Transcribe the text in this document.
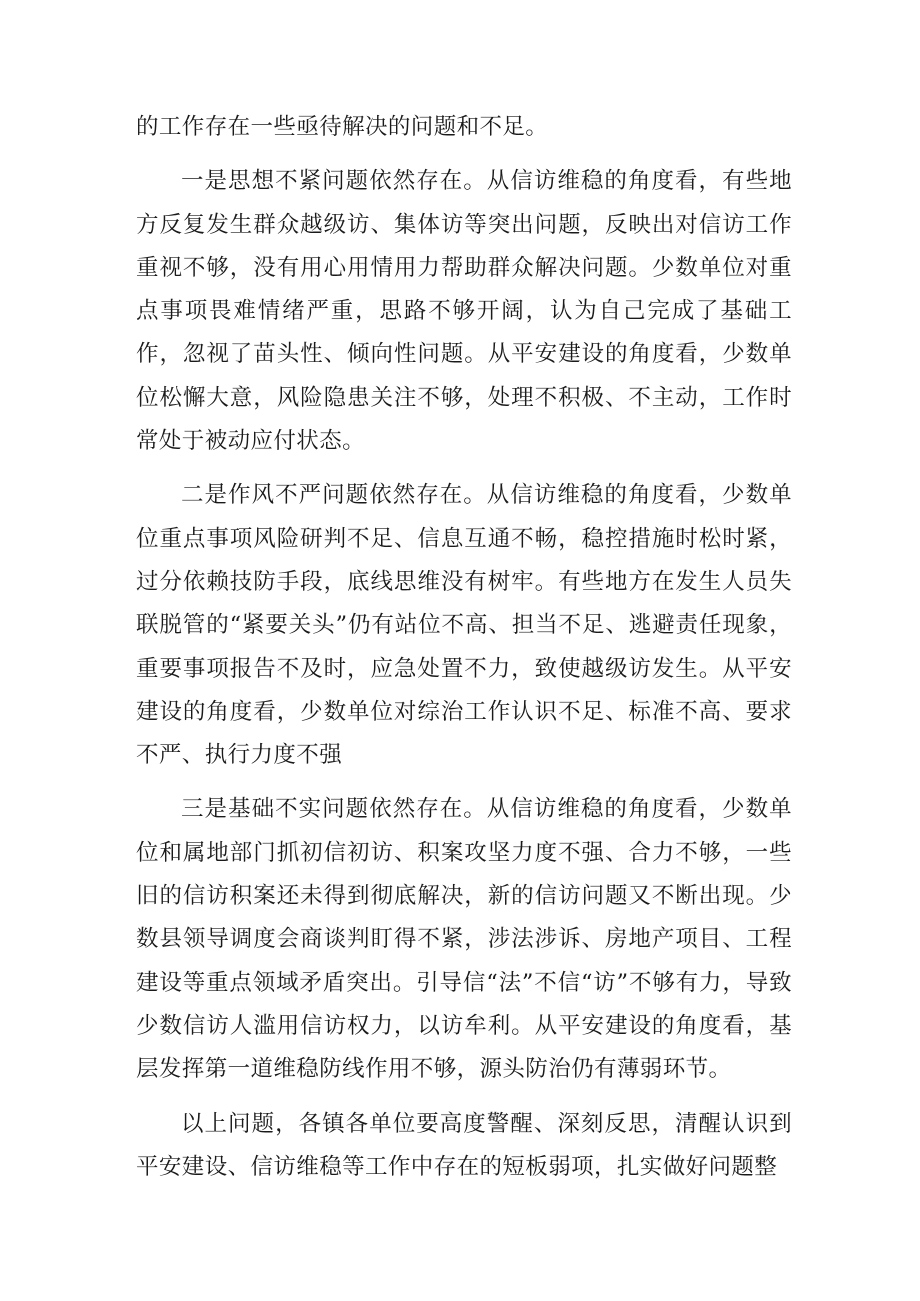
的工作存在一些亟待解决的问题和不足。

一是思想不紧问题依然存在。从信访维稳的角度看，有些地方反复发生群众越级访、集体访等突出问题，反映出对信访工作重视不够，没有用心用情用力帮助群众解决问题。少数单位对重点事项畏难情绪严重，思路不够开阔，认为自己完成了基础工作，忽视了苗头性、倾向性问题。从平安建设的角度看，少数单位松懈大意，风险隐患关注不够，处理不积极、不主动，工作时常处于被动应付状态。

二是作风不严问题依然存在。从信访维稳的角度看，少数单位重点事项风险研判不足、信息互通不畅，稳控措施时松时紧，过分依赖技防手段，底线思维没有树牢。有些地方在发生人员失联脱管的“紧要关头”仍有站位不高、担当不足、逃避责任现象，重要事项报告不及时，应急处置不力，致使越级访发生。从平安建设的角度看，少数单位对综治工作认识不足、标准不高、要求不严、执行力度不强

三是基础不实问题依然存在。从信访维稳的角度看，少数单位和属地部门抓初信初访、积案攻坚力度不强、合力不够，一些旧的信访积案还未得到彻底解决，新的信访问题又不断出现。少数县领导调度会商谈判盯得不紧，涉法涉诉、房地产项目、工程建设等重点领域矛盾突出。引导信“法”不信“访”不够有力，导致少数信访人滥用信访权力，以访牟利。从平安建设的角度看，基层发挥第一道维稳防线作用不够，源头防治仍有薄弱环节。

以上问题，各镇各单位要高度警醒、深刻反思，清醒认识到平安建设、信访维稳等工作中存在的短板弱项，扎实做好问题整
